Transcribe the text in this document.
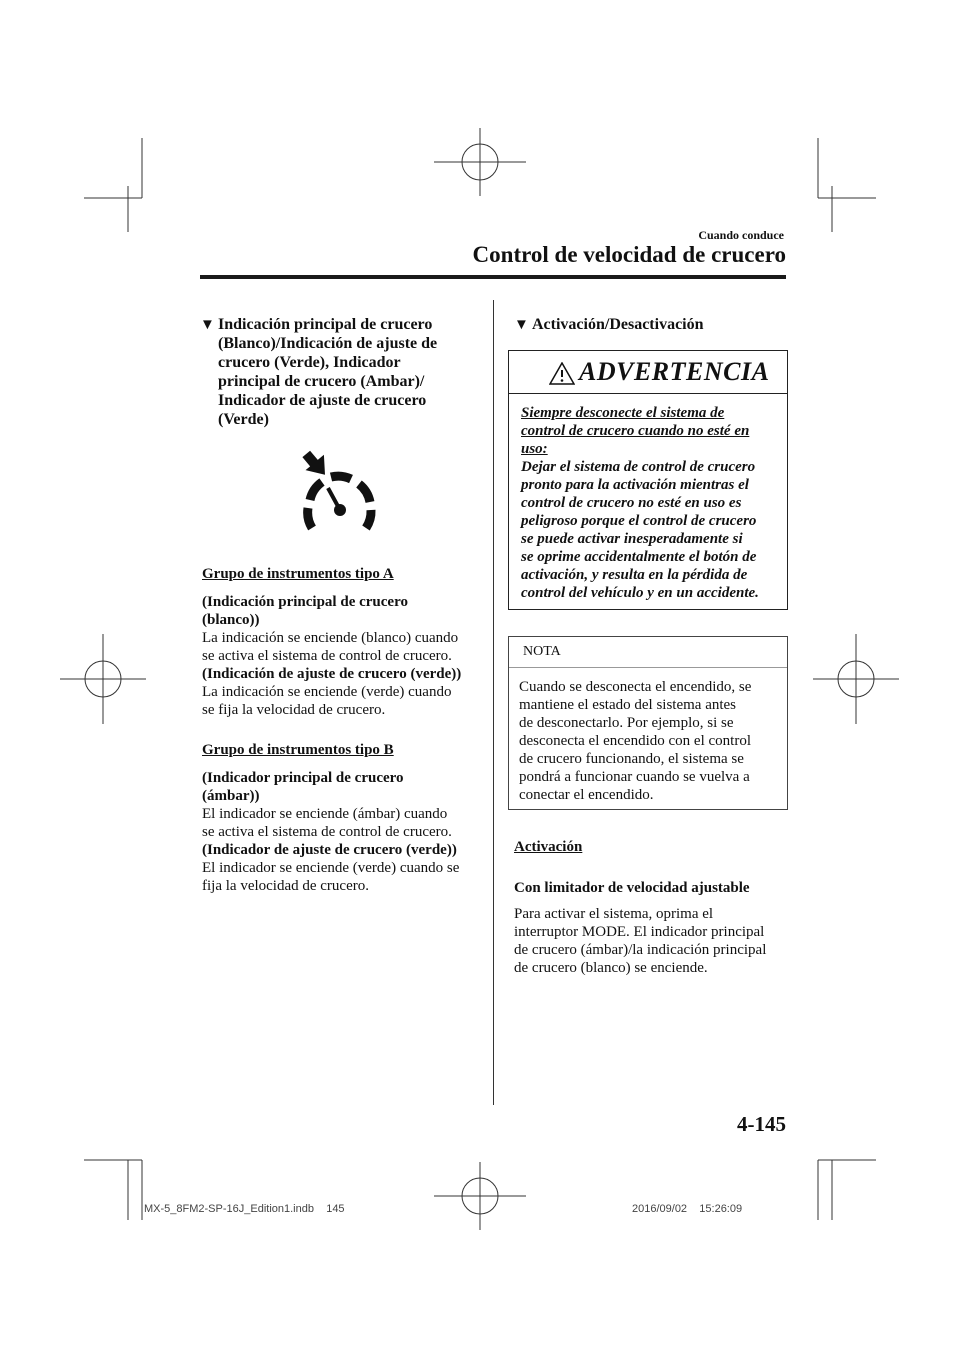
Cuando conduce
Control de velocidad de crucero
▼ Indicación principal de crucero
(Blanco)/Indicación de ajuste de
crucero (Verde), Indicador
principal de crucero (Ambar)/
Indicador de ajuste de crucero
(Verde)
Grupo de instrumentos tipo A
(Indicación principal de crucero
(blanco))
La indicación se enciende (blanco) cuando
se activa el sistema de control de crucero.
(Indicación de ajuste de crucero (verde))
La indicación se enciende (verde) cuando
se fija la velocidad de crucero.
Grupo de instrumentos tipo B
(Indicador principal de crucero
(ámbar))
El indicador se enciende (ámbar) cuando
se activa el sistema de control de crucero.
(Indicador de ajuste de crucero (verde))
El indicador se enciende (verde) cuando se
fija la velocidad de crucero.
▼ Activación/Desactivación
ADVERTENCIA
Siempre desconecte el sistema de
control de crucero cuando no esté en
uso:
Dejar el sistema de control de crucero
pronto para la activación mientras el
control de crucero no esté en uso es
peligroso porque el control de crucero
se puede activar inesperadamente si
se oprime accidentalmente el botón de
activación, y resulta en la pérdida de
control del vehículo y en un accidente.
NOTA
Cuando se desconecta el encendido, se
mantiene el estado del sistema antes
de desconectarlo. Por ejemplo, si se
desconecta el encendido con el control
de crucero funcionando, el sistema se
pondrá a funcionar cuando se vuelva a
conectar el encendido.
Activación
Con limitador de velocidad ajustable
Para activar el sistema, oprima el
interruptor MODE. El indicador principal
de crucero (ámbar)/la indicación principal
de crucero (blanco) se enciende.
4-145
MX-5_8FM2-SP-16J_Edition1.indb    145	2016/09/02    15:26:09
